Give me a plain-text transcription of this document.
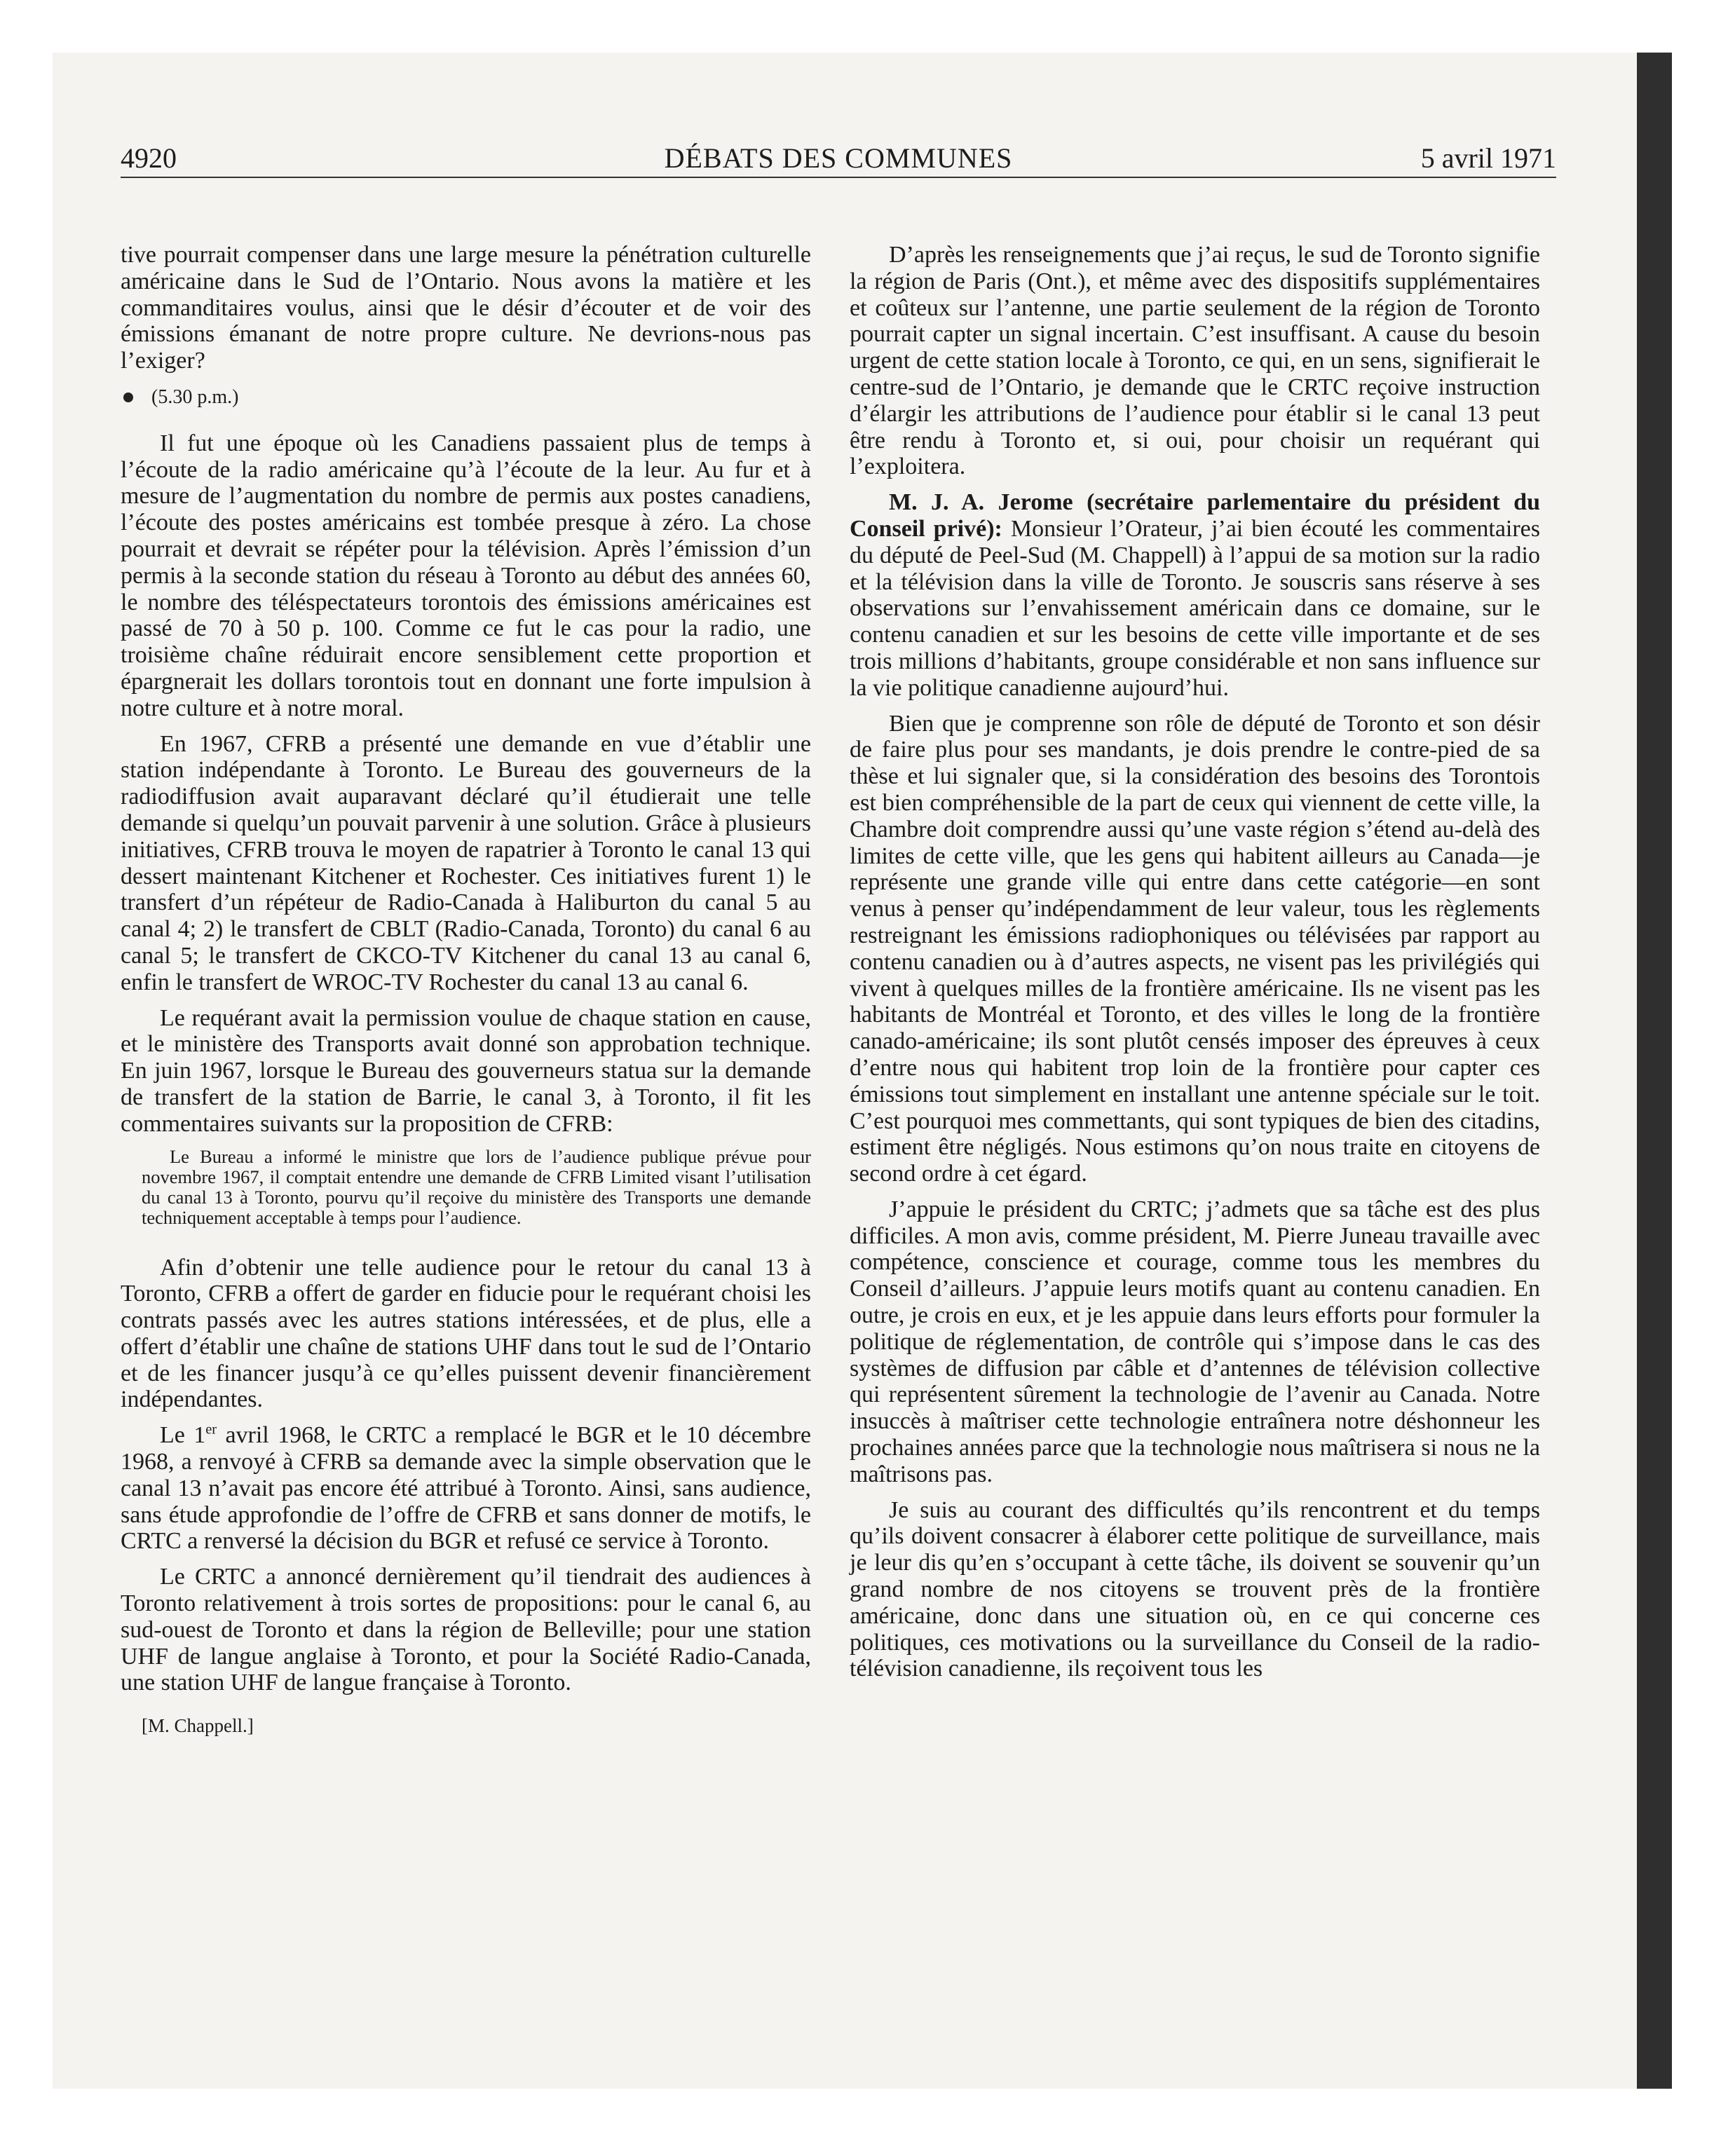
4920	DÉBATS DES COMMUNES	5 avril 1971

tive pourrait compenser dans une large mesure la pénétration culturelle américaine dans le Sud de l’Ontario. Nous avons la matière et les commanditaires voulus, ainsi que le désir d’écouter et de voir des émissions émanant de notre propre culture. Ne devrions-nous pas l’exiger?

(5.30 p.m.)

Il fut une époque où les Canadiens passaient plus de temps à l’écoute de la radio américaine qu’à l’écoute de la leur. Au fur et à mesure de l’augmentation du nombre de permis aux postes canadiens, l’écoute des postes américains est tombée presque à zéro. La chose pourrait et devrait se répéter pour la télévision. Après l’émission d’un permis à la seconde station du réseau à Toronto au début des années 60, le nombre des téléspectateurs torontois des émissions américaines est passé de 70 à 50 p. 100. Comme ce fut le cas pour la radio, une troisième chaîne réduirait encore sensiblement cette proportion et épargnerait les dollars torontois tout en donnant une forte impulsion à notre culture et à notre moral.

En 1967, CFRB a présenté une demande en vue d’établir une station indépendante à Toronto. Le Bureau des gouverneurs de la radiodiffusion avait auparavant déclaré qu’il étudierait une telle demande si quelqu’un pouvait parvenir à une solution. Grâce à plusieurs initiatives, CFRB trouva le moyen de rapatrier à Toronto le canal 13 qui dessert maintenant Kitchener et Rochester. Ces initiatives furent 1) le transfert d’un répéteur de Radio-Canada à Haliburton du canal 5 au canal 4; 2) le transfert de CBLT (Radio-Canada, Toronto) du canal 6 au canal 5; le transfert de CKCO-TV Kitchener du canal 13 au canal 6, enfin le transfert de WROC-TV Rochester du canal 13 au canal 6.

Le requérant avait la permission voulue de chaque station en cause, et le ministère des Transports avait donné son approbation technique. En juin 1967, lorsque le Bureau des gouverneurs statua sur la demande de transfert de la station de Barrie, le canal 3, à Toronto, il fit les commentaires suivants sur la proposition de CFRB:

Le Bureau a informé le ministre que lors de l’audience publique prévue pour novembre 1967, il comptait entendre une demande de CFRB Limited visant l’utilisation du canal 13 à Toronto, pourvu qu’il reçoive du ministère des Transports une demande techniquement acceptable à temps pour l’audience.

Afin d’obtenir une telle audience pour le retour du canal 13 à Toronto, CFRB a offert de garder en fiducie pour le requérant choisi les contrats passés avec les autres stations intéressées, et de plus, elle a offert d’établir une chaîne de stations UHF dans tout le sud de l’Ontario et de les financer jusqu’à ce qu’elles puissent devenir financièrement indépendantes.

Le 1er avril 1968, le CRTC a remplacé le BGR et le 10 décembre 1968, a renvoyé à CFRB sa demande avec la simple observation que le canal 13 n’avait pas encore été attribué à Toronto. Ainsi, sans audience, sans étude approfondie de l’offre de CFRB et sans donner de motifs, le CRTC a renversé la décision du BGR et refusé ce service à Toronto.

Le CRTC a annoncé dernièrement qu’il tiendrait des audiences à Toronto relativement à trois sortes de propositions: pour le canal 6, au sud-ouest de Toronto et dans la région de Belleville; pour une station UHF de langue anglaise à Toronto, et pour la Société Radio-Canada, une station UHF de langue française à Toronto.

[M. Chappell.]

D’après les renseignements que j’ai reçus, le sud de Toronto signifie la région de Paris (Ont.), et même avec des dispositifs supplémentaires et coûteux sur l’antenne, une partie seulement de la région de Toronto pourrait capter un signal incertain. C’est insuffisant. A cause du besoin urgent de cette station locale à Toronto, ce qui, en un sens, signifierait le centre-sud de l’Ontario, je demande que le CRTC reçoive instruction d’élargir les attributions de l’audience pour établir si le canal 13 peut être rendu à Toronto et, si oui, pour choisir un requérant qui l’exploitera.

M. J. A. Jerome (secrétaire parlementaire du président du Conseil privé): Monsieur l’Orateur, j’ai bien écouté les commentaires du député de Peel-Sud (M. Chappell) à l’appui de sa motion sur la radio et la télévision dans la ville de Toronto. Je souscris sans réserve à ses observations sur l’envahissement américain dans ce domaine, sur le contenu canadien et sur les besoins de cette ville importante et de ses trois millions d’habitants, groupe considérable et non sans influence sur la vie politique canadienne aujourd’hui.

Bien que je comprenne son rôle de député de Toronto et son désir de faire plus pour ses mandants, je dois prendre le contre-pied de sa thèse et lui signaler que, si la considération des besoins des Torontois est bien compréhensible de la part de ceux qui viennent de cette ville, la Chambre doit comprendre aussi qu’une vaste région s’étend au-delà des limites de cette ville, que les gens qui habitent ailleurs au Canada—je représente une grande ville qui entre dans cette catégorie—en sont venus à penser qu’indépendamment de leur valeur, tous les règlements restreignant les émissions radiophoniques ou télévisées par rapport au contenu canadien ou à d’autres aspects, ne visent pas les privilégiés qui vivent à quelques milles de la frontière américaine. Ils ne visent pas les habitants de Montréal et Toronto, et des villes le long de la frontière canado-américaine; ils sont plutôt censés imposer des épreuves à ceux d’entre nous qui habitent trop loin de la frontière pour capter ces émissions tout simplement en installant une antenne spéciale sur le toit. C’est pourquoi mes commettants, qui sont typiques de bien des citadins, estiment être négligés. Nous estimons qu’on nous traite en citoyens de second ordre à cet égard.

J’appuie le président du CRTC; j’admets que sa tâche est des plus difficiles. A mon avis, comme président, M. Pierre Juneau travaille avec compétence, conscience et courage, comme tous les membres du Conseil d’ailleurs. J’appuie leurs motifs quant au contenu canadien. En outre, je crois en eux, et je les appuie dans leurs efforts pour formuler la politique de réglementation, de contrôle qui s’impose dans le cas des systèmes de diffusion par câble et d’antennes de télévision collective qui représentent sûrement la technologie de l’avenir au Canada. Notre insuccès à maîtriser cette technologie entraînera notre déshonneur les prochaines années parce que la technologie nous maîtrisera si nous ne la maîtrisons pas.

Je suis au courant des difficultés qu’ils rencontrent et du temps qu’ils doivent consacrer à élaborer cette politique de surveillance, mais je leur dis qu’en s’occupant à cette tâche, ils doivent se souvenir qu’un grand nombre de nos citoyens se trouvent près de la frontière américaine, donc dans une situation où, en ce qui concerne ces politiques, ces motivations ou la surveillance du Conseil de la radio-télévision canadienne, ils reçoivent tous les
